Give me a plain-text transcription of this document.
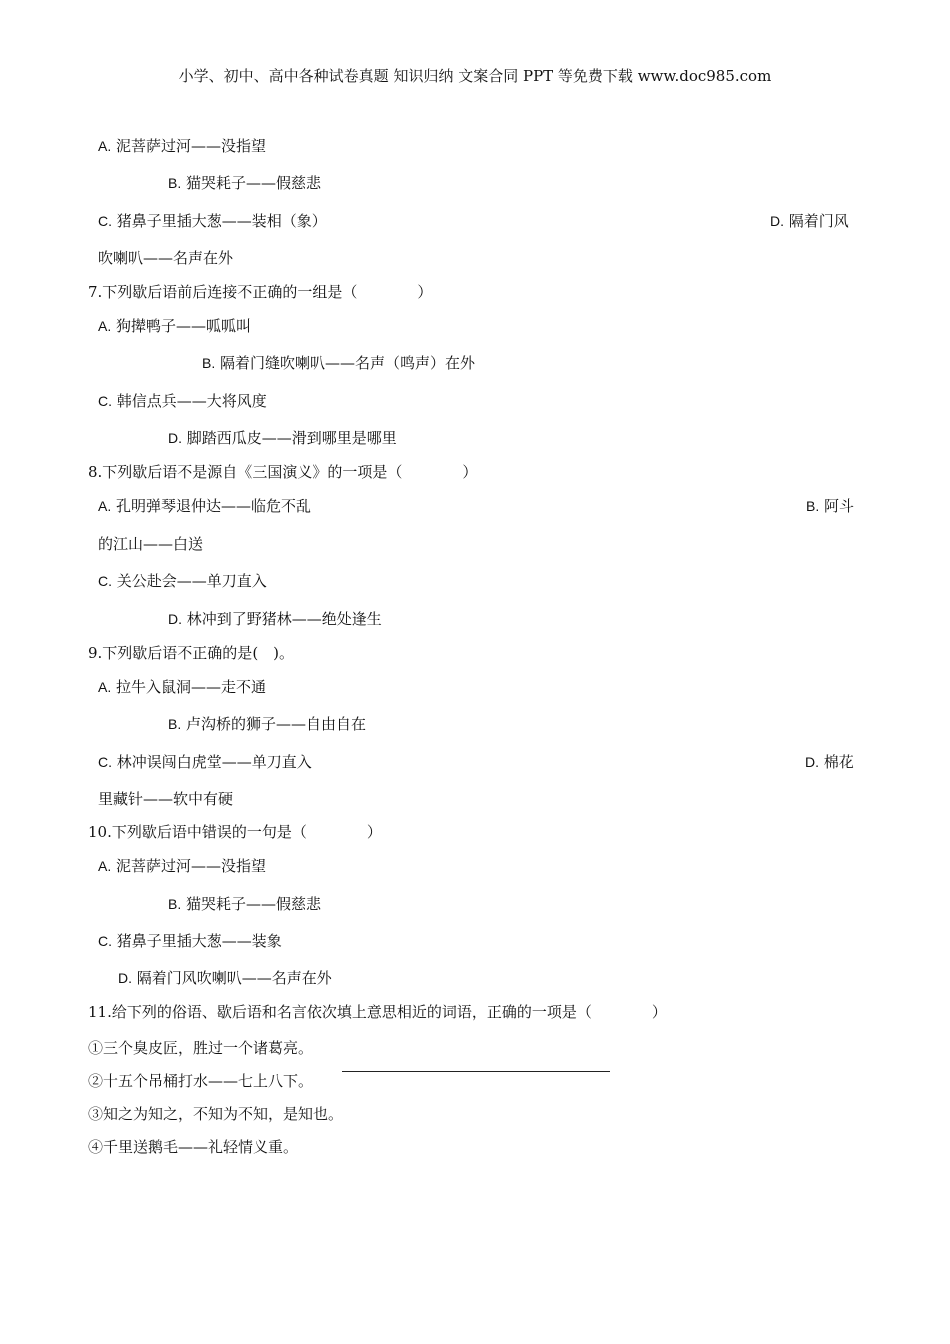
小学、初中、高中各种试卷真题 知识归纳 文案合同 PPT 等免费下载 www.doc985.com
A. 泥菩萨过河——没指望
B. 猫哭耗子——假慈悲
C. 猪鼻子里插大葱——装相（象）	D. 隔着门风
吹喇叭——名声在外
7.下列歇后语前后连接不正确的一组是（　　　　）
A. 狗撵鸭子——呱呱叫
B. 隔着门缝吹喇叭——名声（鸣声）在外
C. 韩信点兵——大将风度
D. 脚踏西瓜皮——滑到哪里是哪里
8.下列歇后语不是源自《三国演义》的一项是（　　　　）
A. 孔明弹琴退仲达——临危不乱	B. 阿斗
的江山——白送
C. 关公赴会——单刀直入
D. 林冲到了野猪林——绝处逢生
9.下列歇后语不正确的是(　)。
A. 拉牛入鼠洞——走不通
B. 卢沟桥的狮子——自由自在
C. 林冲误闯白虎堂——单刀直入	D. 棉花
里藏针——软中有硬
10.下列歇后语中错误的一句是（　　　　）
A. 泥菩萨过河——没指望
B. 猫哭耗子——假慈悲
C. 猪鼻子里插大葱——装象
D. 隔着门风吹喇叭——名声在外
11.给下列的俗语、歇后语和名言依次填上意思相近的词语，正确的一项是（　　　　）
①三个臭皮匠，胜过一个诸葛亮。
②十五个吊桶打水——七上八下。
③知之为知之，不知为不知，是知也。
④千里送鹅毛——礼轻情义重。
